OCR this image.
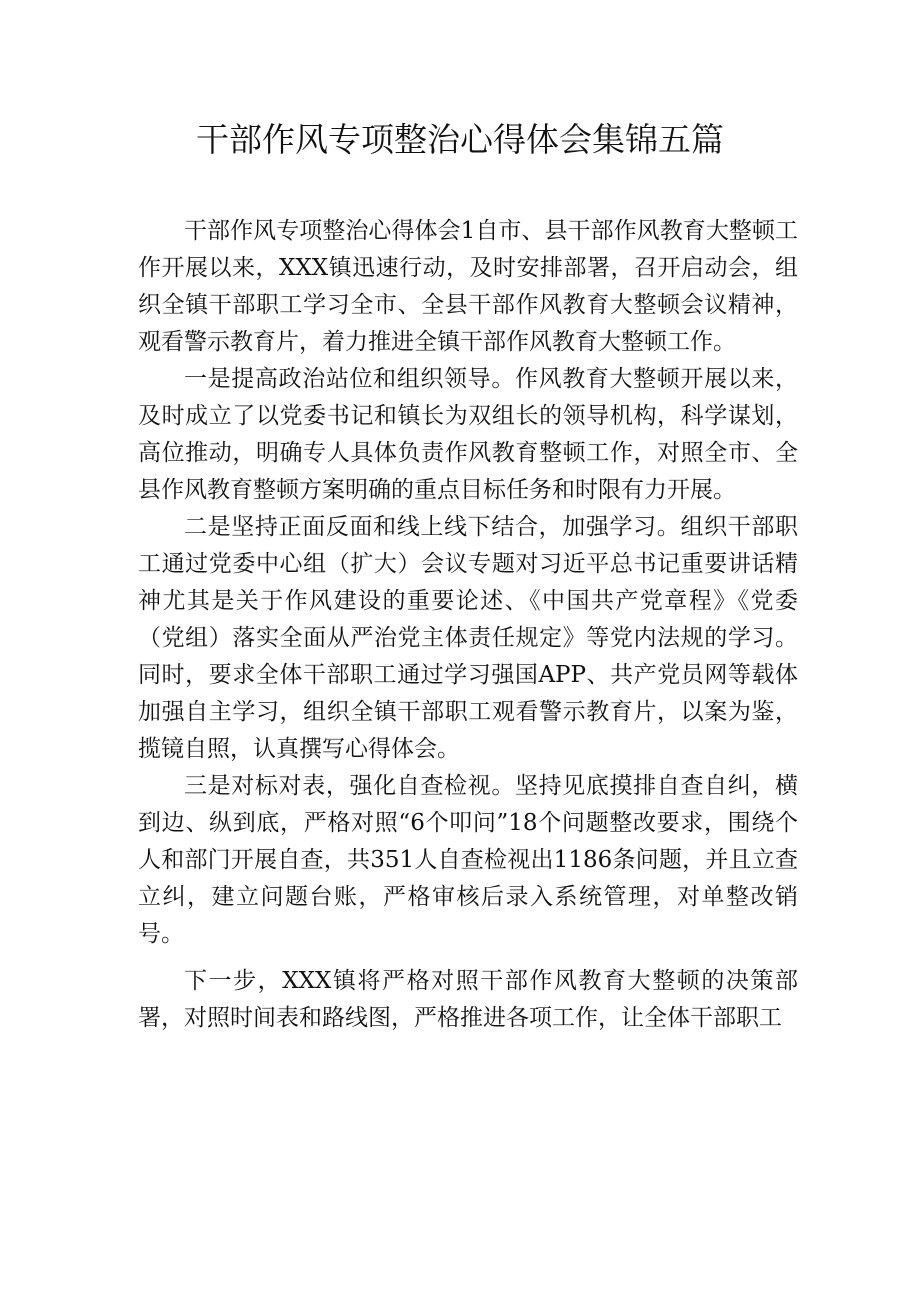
干部作风专项整治心得体会集锦五篇

干部作风专项整治心得体会1自市、县干部作风教育大整顿工作开展以来，XXX镇迅速行动，及时安排部署，召开启动会，组织全镇干部职工学习全市、全县干部作风教育大整顿会议精神，观看警示教育片，着力推进全镇干部作风教育大整顿工作。

一是提高政治站位和组织领导。作风教育大整顿开展以来，及时成立了以党委书记和镇长为双组长的领导机构，科学谋划，高位推动，明确专人具体负责作风教育整顿工作，对照全市、全县作风教育整顿方案明确的重点目标任务和时限有力开展。

二是坚持正面反面和线上线下结合，加强学习。组织干部职工通过党委中心组（扩大）会议专题对习近平总书记重要讲话精神尤其是关于作风建设的重要论述、《中国共产党章程》《党委（党组）落实全面从严治党主体责任规定》等党内法规的学习。同时，要求全体干部职工通过学习强国APP、共产党员网等载体加强自主学习，组织全镇干部职工观看警示教育片，以案为鉴，揽镜自照，认真撰写心得体会。

三是对标对表，强化自查检视。坚持见底摸排自查自纠，横到边、纵到底，严格对照“6个叩问”18个问题整改要求，围绕个人和部门开展自查，共351人自查检视出1186条问题，并且立查立纠，建立问题台账，严格审核后录入系统管理，对单整改销号。

下一步，XXX镇将严格对照干部作风教育大整顿的决策部署，对照时间表和路线图，严格推进各项工作，让全体干部职工
